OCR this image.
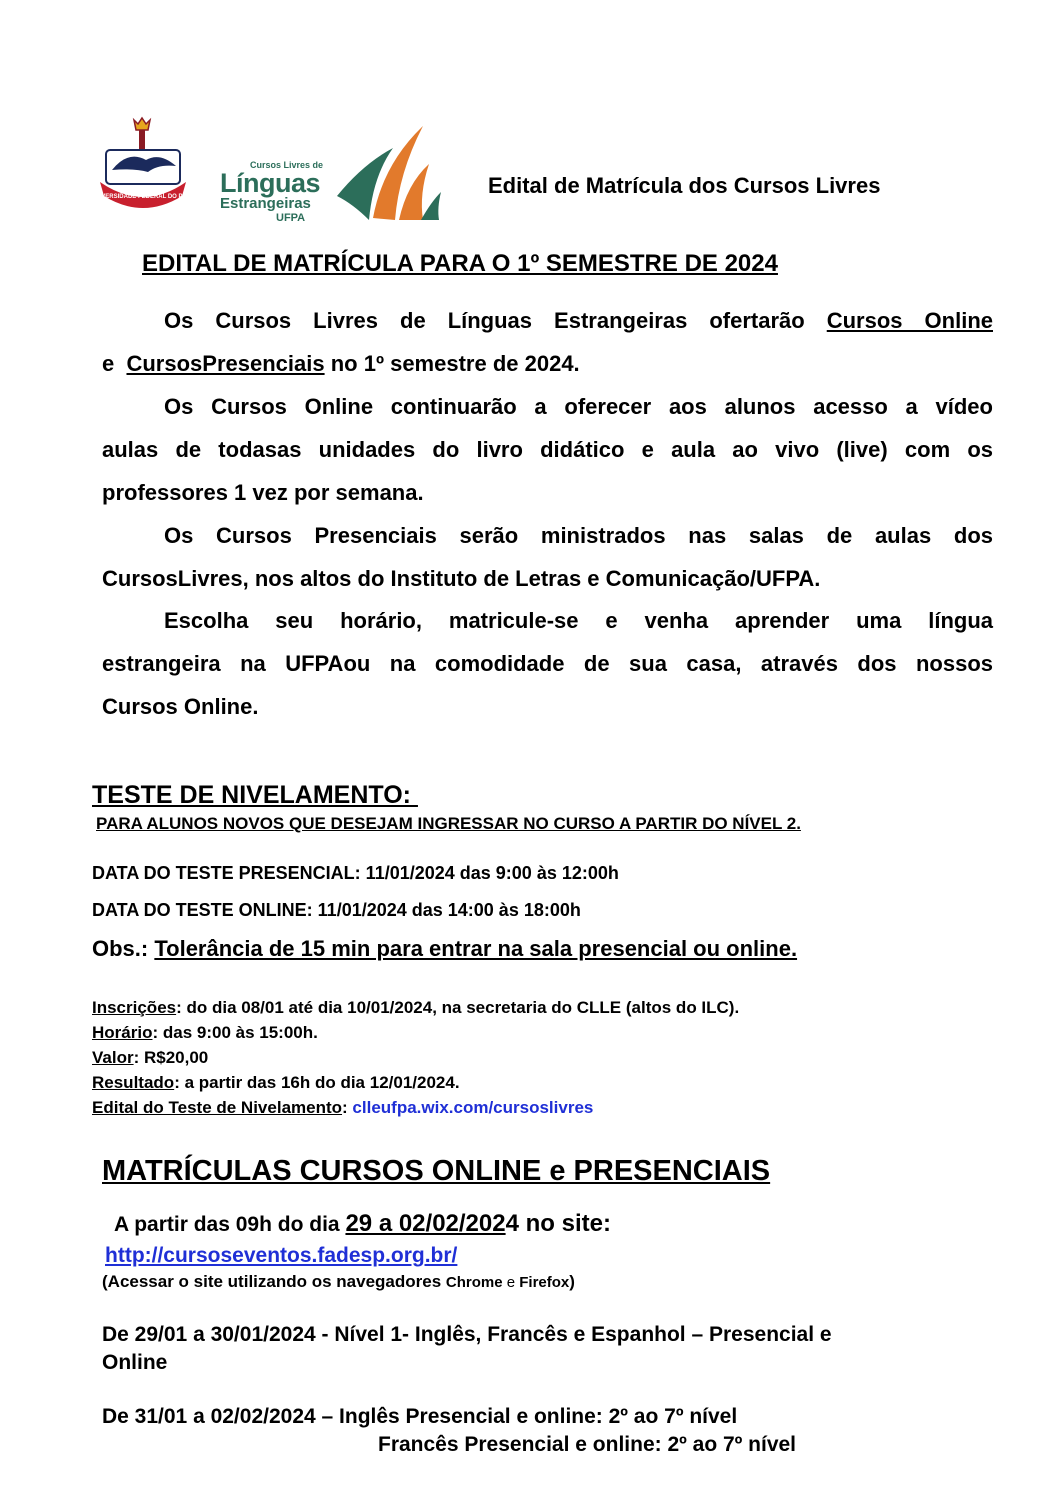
UNIVERSIDADE FEDERAL DO PARÁ
Cursos Livres de
Línguas
Estrangeiras
UFPA
Edital de Matrícula dos Cursos Livres
EDITAL DE MATRÍCULA PARA O 1º SEMESTRE DE 2024
Os Cursos Livres de Línguas Estrangeiras ofertarão Cursos Online
e CursosPresenciais no 1º semestre de 2024.
Os Cursos Online continuarão a oferecer aos alunos acesso a vídeo
aulas de todasas unidades do livro didático e aula ao vivo (live) com os
professores 1 vez por semana.
Os Cursos Presenciais serão ministrados nas salas de aulas dos
CursosLivres, nos altos do Instituto de Letras e Comunicação/UFPA.
Escolha seu horário, matricule-se e venha aprender uma língua
estrangeira na UFPAou na comodidade de sua casa, através dos nossos
Cursos Online.
TESTE DE NIVELAMENTO:
PARA ALUNOS NOVOS QUE DESEJAM INGRESSAR NO CURSO A PARTIR DO NÍVEL 2.
DATA DO TESTE PRESENCIAL: 11/01/2024 das 9:00 às 12:00h
DATA DO TESTE ONLINE: 11/01/2024 das 14:00 às 18:00h
Obs.: Tolerância de 15 min para entrar na sala presencial ou online.
Inscrições: do dia 08/01 até dia 10/01/2024, na secretaria do CLLE (altos do ILC).
Horário: das 9:00 às 15:00h.
Valor: R$20,00
Resultado: a partir das 16h do dia 12/01/2024.
Edital do Teste de Nivelamento: clleufpa.wix.com/cursoslivres
MATRÍCULAS CURSOS ONLINE e PRESENCIAIS
A partir das 09h do dia 29 a 02/02/2024 no site:
http://cursoseventos.fadesp.org.br/
(Acessar o site utilizando os navegadores Chrome e Firefox)
De 29/01 a 30/01/2024 - Nível 1- Inglês, Francês e Espanhol – Presencial e
Online
De 31/01 a 02/02/2024 – Inglês Presencial e online: 2º ao 7º nível
Francês Presencial e online: 2º ao 7º nível
